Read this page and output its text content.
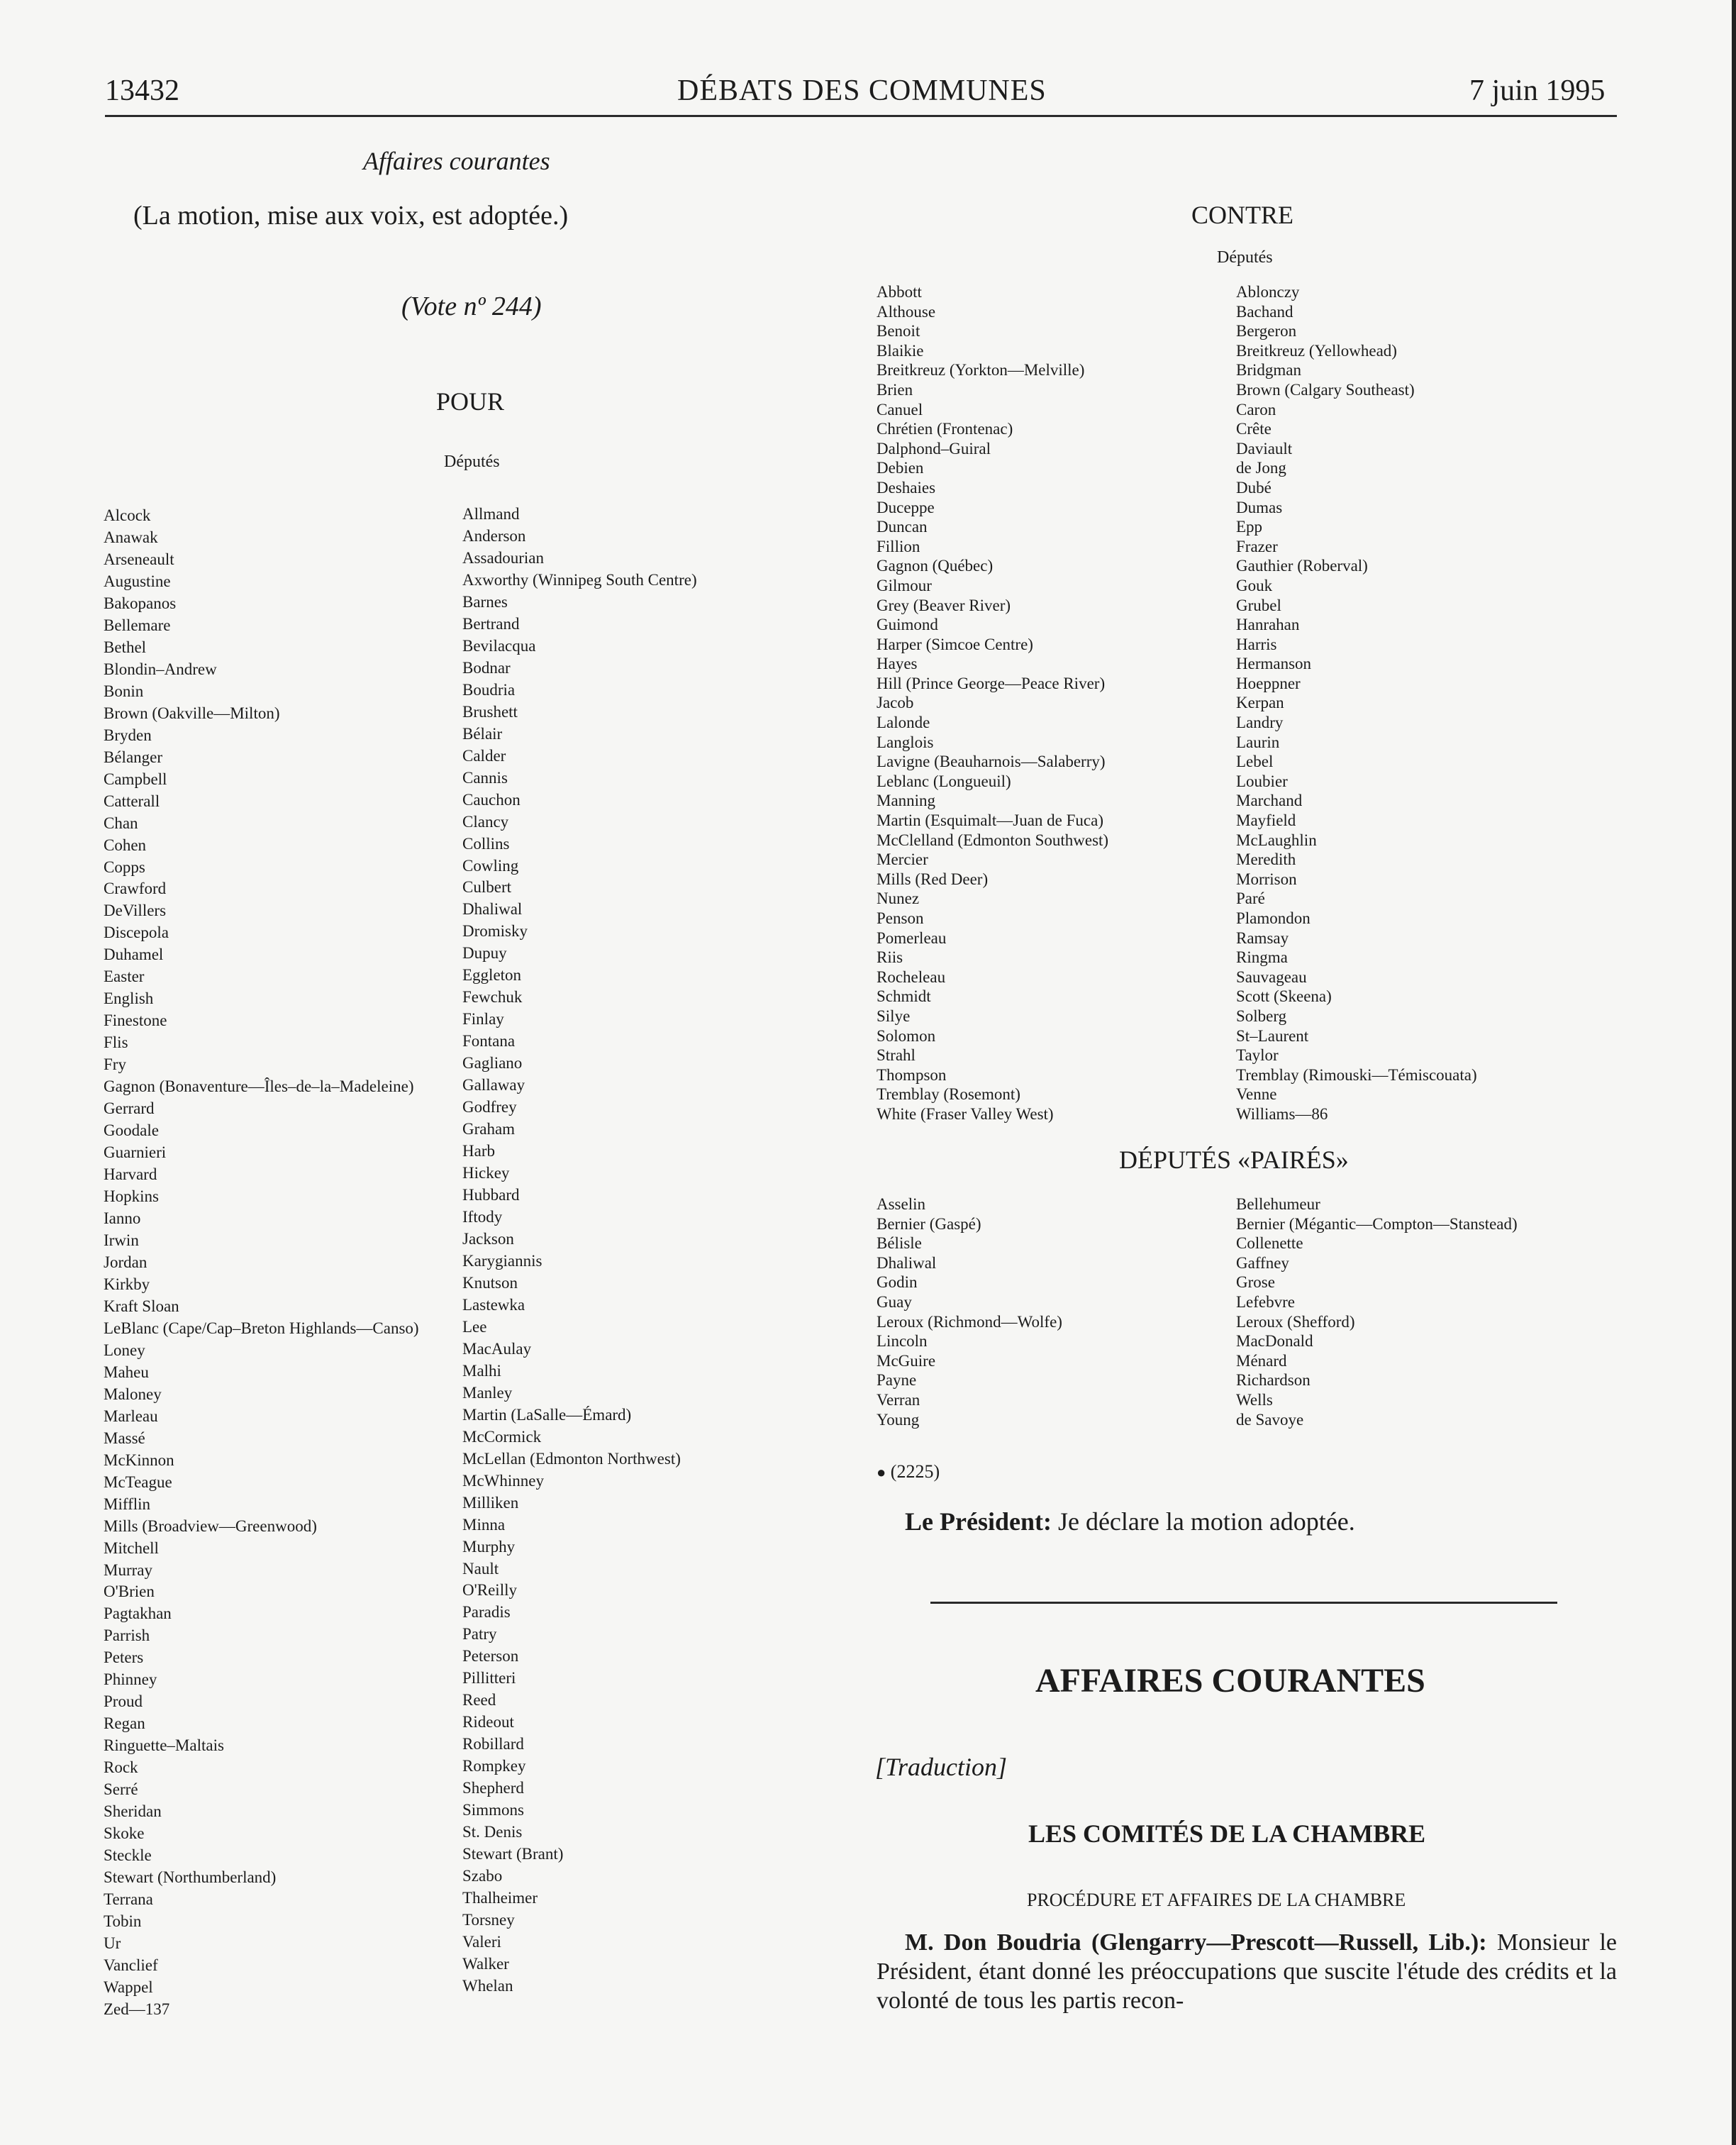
13432	DÉBATS DES COMMUNES	7 juin 1995
Affaires courantes
(La motion, mise aux voix, est adoptée.)
(Vote nº 244)
POUR
Députés
Alcock
Anawak
Arseneault
Augustine
Bakopanos
Bellemare
Bethel
Blondin–Andrew
Bonin
Brown (Oakville—Milton)
Bryden
Bélanger
Campbell
Catterall
Chan
Cohen
Copps
Crawford
DeVillers
Discepola
Duhamel
Easter
English
Finestone
Flis
Fry
Gagnon (Bonaventure—Îles–de–la–Madeleine)
Gerrard
Goodale
Guarnieri
Harvard
Hopkins
Ianno
Irwin
Jordan
Kirkby
Kraft Sloan
LeBlanc (Cape/Cap–Breton Highlands—Canso)
Loney
Maheu
Maloney
Marleau
Massé
McKinnon
McTeague
Mifflin
Mills (Broadview—Greenwood)
Mitchell
Murray
O'Brien
Pagtakhan
Parrish
Peters
Phinney
Proud
Regan
Ringuette–Maltais
Rock
Serré
Sheridan
Skoke
Steckle
Stewart (Northumberland)
Terrana
Tobin
Ur
Vanclief
Wappel
Zed—137
Allmand
Anderson
Assadourian
Axworthy (Winnipeg South Centre)
Barnes
Bertrand
Bevilacqua
Bodnar
Boudria
Brushett
Bélair
Calder
Cannis
Cauchon
Clancy
Collins
Cowling
Culbert
Dhaliwal
Dromisky
Dupuy
Eggleton
Fewchuk
Finlay
Fontana
Gagliano
Gallaway
Godfrey
Graham
Harb
Hickey
Hubbard
Iftody
Jackson
Karygiannis
Knutson
Lastewka
Lee
MacAulay
Malhi
Manley
Martin (LaSalle—Émard)
McCormick
McLellan (Edmonton Northwest)
McWhinney
Milliken
Minna
Murphy
Nault
O'Reilly
Paradis
Patry
Peterson
Pillitteri
Reed
Rideout
Robillard
Rompkey
Shepherd
Simmons
St. Denis
Stewart (Brant)
Szabo
Thalheimer
Torsney
Valeri
Walker
Whelan
CONTRE
Députés
Abbott
Althouse
Benoit
Blaikie
Breitkreuz (Yorkton—Melville)
Brien
Canuel
Chrétien (Frontenac)
Dalphond–Guiral
Debien
Deshaies
Duceppe
Duncan
Fillion
Gagnon (Québec)
Gilmour
Grey (Beaver River)
Guimond
Harper (Simcoe Centre)
Hayes
Hill (Prince George—Peace River)
Jacob
Lalonde
Langlois
Lavigne (Beauharnois—Salaberry)
Leblanc (Longueuil)
Manning
Martin (Esquimalt—Juan de Fuca)
McClelland (Edmonton Southwest)
Mercier
Mills (Red Deer)
Nunez
Penson
Pomerleau
Riis
Rocheleau
Schmidt
Silye
Solomon
Strahl
Thompson
Tremblay (Rosemont)
White (Fraser Valley West)
Ablonczy
Bachand
Bergeron
Breitkreuz (Yellowhead)
Bridgman
Brown (Calgary Southeast)
Caron
Crête
Daviault
de Jong
Dubé
Dumas
Epp
Frazer
Gauthier (Roberval)
Gouk
Grubel
Hanrahan
Harris
Hermanson
Hoeppner
Kerpan
Landry
Laurin
Lebel
Loubier
Marchand
Mayfield
McLaughlin
Meredith
Morrison
Paré
Plamondon
Ramsay
Ringma
Sauvageau
Scott (Skeena)
Solberg
St–Laurent
Taylor
Tremblay (Rimouski—Témiscouata)
Venne
Williams—86
DÉPUTÉS «PAIRÉS»
Asselin
Bernier (Gaspé)
Bélisle
Dhaliwal
Godin
Guay
Leroux (Richmond—Wolfe)
Lincoln
McGuire
Payne
Verran
Young
Bellehumeur
Bernier (Mégantic—Compton—Stanstead)
Collenette
Gaffney
Grose
Lefebvre
Leroux (Shefford)
MacDonald
Ménard
Richardson
Wells
de Savoye
● (2225)
Le Président: Je déclare la motion adoptée.
AFFAIRES COURANTES
[Traduction]
LES COMITÉS DE LA CHAMBRE
PROCÉDURE ET AFFAIRES DE LA CHAMBRE
M. Don Boudria (Glengarry—Prescott—Russell, Lib.): Monsieur le Président, étant donné les préoccupations que suscite l'étude des crédits et la volonté de tous les partis recon-
